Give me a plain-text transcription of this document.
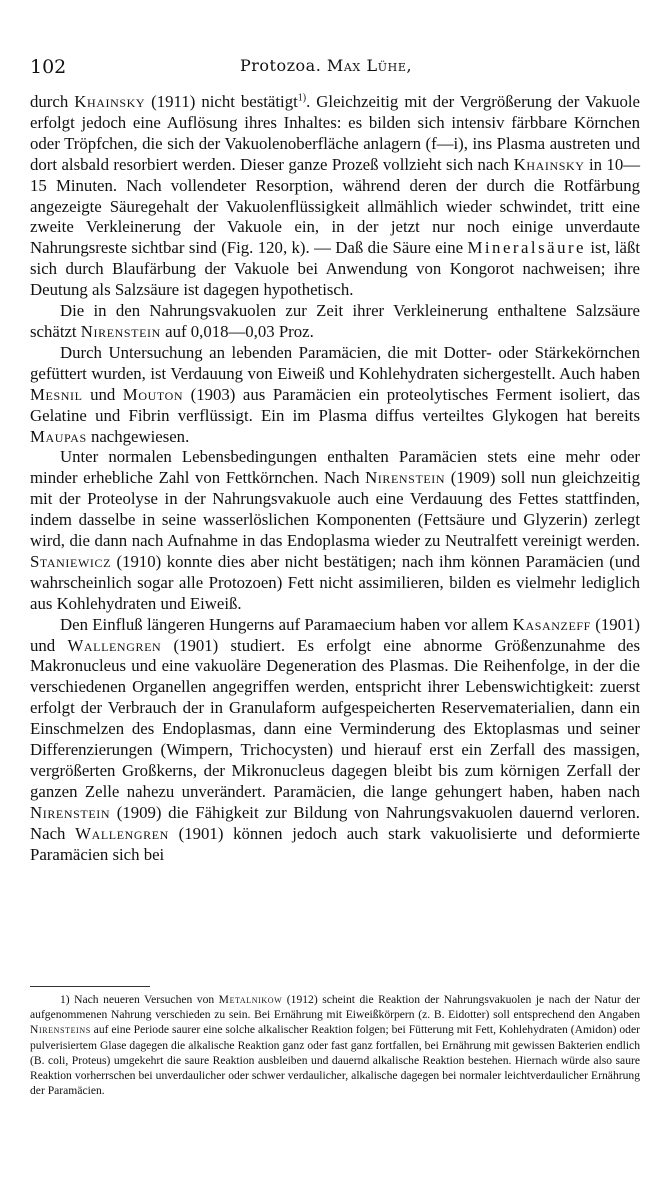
102	Protozoa. Max Lühe,

durch Khainsky (1911) nicht bestätigt$^{1)}$. Gleichzeitig mit der Vergrößerung der Vakuole erfolgt jedoch eine Auflösung ihres Inhaltes: es bilden sich intensiv färbbare Körnchen oder Tröpfchen, die sich der Vakuolenoberfläche anlagern (f—i), ins Plasma austreten und dort alsbald resorbiert werden. Dieser ganze Prozeß vollzieht sich nach Khainsky in 10—15 Minuten. Nach vollendeter Resorption, während deren der durch die Rotfärbung angezeigte Säuregehalt der Vakuolenflüssigkeit allmählich wieder schwindet, tritt eine zweite Verkleinerung der Vakuole ein, in der jetzt nur noch einige unverdaute Nahrungsreste sichtbar sind (Fig. 120, k). — Daß die Säure eine Mineralsäure ist, läßt sich durch Blaufärbung der Vakuole bei Anwendung von Kongorot nachweisen; ihre Deutung als Salzsäure ist dagegen hypothetisch.

Die in den Nahrungsvakuolen zur Zeit ihrer Verkleinerung enthaltene Salzsäure schätzt Nirenstein auf 0,018—0,03 Proz.

Durch Untersuchung an lebenden Paramäcien, die mit Dotter- oder Stärkekörnchen gefüttert wurden, ist Verdauung von Eiweiß und Kohlehydraten sichergestellt. Auch haben Mesnil und Mouton (1903) aus Paramäcien ein proteolytisches Ferment isoliert, das Gelatine und Fibrin verflüssigt. Ein im Plasma diffus verteiltes Glykogen hat bereits Maupas nachgewiesen.

Unter normalen Lebensbedingungen enthalten Paramäcien stets eine mehr oder minder erhebliche Zahl von Fettkörnchen. Nach Nirenstein (1909) soll nun gleichzeitig mit der Proteolyse in der Nahrungsvakuole auch eine Verdauung des Fettes stattfinden, indem dasselbe in seine wasserlöslichen Komponenten (Fettsäure und Glyzerin) zerlegt wird, die dann nach Aufnahme in das Endoplasma wieder zu Neutralfett vereinigt werden. Staniewicz (1910) konnte dies aber nicht bestätigen; nach ihm können Paramäcien (und wahrscheinlich sogar alle Protozoen) Fett nicht assimilieren, bilden es vielmehr lediglich aus Kohlehydraten und Eiweiß.

Den Einfluß längeren Hungerns auf Paramaecium haben vor allem Kasanzeff (1901) und Wallengren (1901) studiert. Es erfolgt eine abnorme Größenzunahme des Makronucleus und eine vakuoläre Degeneration des Plasmas. Die Reihenfolge, in der die verschiedenen Organellen angegriffen werden, entspricht ihrer Lebenswichtigkeit: zuerst erfolgt der Verbrauch der in Granulaform aufgespeicherten Reservematerialien, dann ein Einschmelzen des Endoplasmas, dann eine Verminderung des Ektoplasmas und seiner Differenzierungen (Wimpern, Trichocysten) und hierauf erst ein Zerfall des massigen, vergrößerten Großkerns, der Mikronucleus dagegen bleibt bis zum körnigen Zerfall der ganzen Zelle nahezu unverändert. Paramäcien, die lange gehungert haben, haben nach Nirenstein (1909) die Fähigkeit zur Bildung von Nahrungsvakuolen dauernd verloren. Nach Wallengren (1901) können jedoch auch stark vakuolisierte und deformierte Paramäcien sich bei

1) Nach neueren Versuchen von Metalnikow (1912) scheint die Reaktion der Nahrungsvakuolen je nach der Natur der aufgenommenen Nahrung verschieden zu sein. Bei Ernährung mit Eiweißkörpern (z. B. Eidotter) soll entsprechend den Angaben Nirensteins auf eine Periode saurer eine solche alkalischer Reaktion folgen; bei Fütterung mit Fett, Kohlehydraten (Amidon) oder pulverisiertem Glase dagegen die alkalische Reaktion ganz oder fast ganz fortfallen, bei Ernährung mit gewissen Bakterien endlich (B. coli, Proteus) umgekehrt die saure Reaktion ausbleiben und dauernd alkalische Reaktion bestehen. Hiernach würde also saure Reaktion vorherrschen bei unverdaulicher oder schwer verdaulicher, alkalische dagegen bei normaler leichtverdaulicher Ernährung der Paramäcien.
